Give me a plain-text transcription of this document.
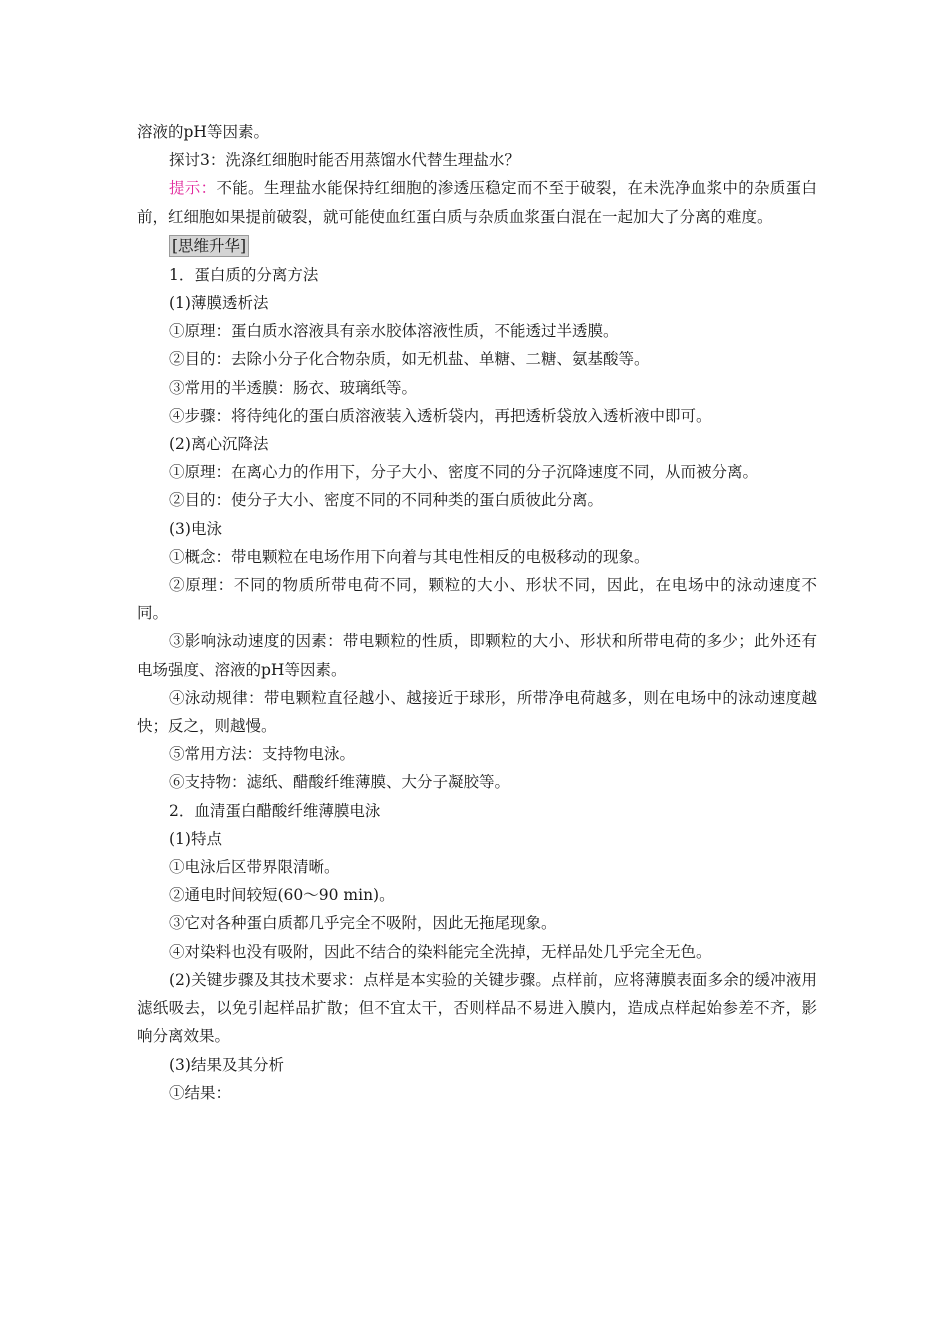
溶液的pH等因素。

探讨3：洗涤红细胞时能否用蒸馏水代替生理盐水？

提示：不能。生理盐水能保持红细胞的渗透压稳定而不至于破裂，在未洗净血浆中的杂质蛋白前，红细胞如果提前破裂，就可能使血红蛋白质与杂质血浆蛋白混在一起加大了分离的难度。

[思维升华]

1．蛋白质的分离方法

(1)薄膜透析法

①原理：蛋白质水溶液具有亲水胶体溶液性质，不能透过半透膜。

②目的：去除小分子化合物杂质，如无机盐、单糖、二糖、氨基酸等。

③常用的半透膜：肠衣、玻璃纸等。

④步骤：将待纯化的蛋白质溶液装入透析袋内，再把透析袋放入透析液中即可。

(2)离心沉降法

①原理：在离心力的作用下，分子大小、密度不同的分子沉降速度不同，从而被分离。

②目的：使分子大小、密度不同的不同种类的蛋白质彼此分离。

(3)电泳

①概念：带电颗粒在电场作用下向着与其电性相反的电极移动的现象。

②原理：不同的物质所带电荷不同，颗粒的大小、形状不同，因此，在电场中的泳动速度不同。

③影响泳动速度的因素：带电颗粒的性质，即颗粒的大小、形状和所带电荷的多少；此外还有电场强度、溶液的pH等因素。

④泳动规律：带电颗粒直径越小、越接近于球形，所带净电荷越多，则在电场中的泳动速度越快；反之，则越慢。

⑤常用方法：支持物电泳。

⑥支持物：滤纸、醋酸纤维薄膜、大分子凝胶等。

2．血清蛋白醋酸纤维薄膜电泳

(1)特点

①电泳后区带界限清晰。

②通电时间较短(60～90 min)。

③它对各种蛋白质都几乎完全不吸附，因此无拖尾现象。

④对染料也没有吸附，因此不结合的染料能完全洗掉，无样品处几乎完全无色。

(2)关键步骤及其技术要求：点样是本实验的关键步骤。点样前，应将薄膜表面多余的缓冲液用滤纸吸去，以免引起样品扩散；但不宜太干，否则样品不易进入膜内，造成点样起始参差不齐，影响分离效果。

(3)结果及其分析

①结果：
